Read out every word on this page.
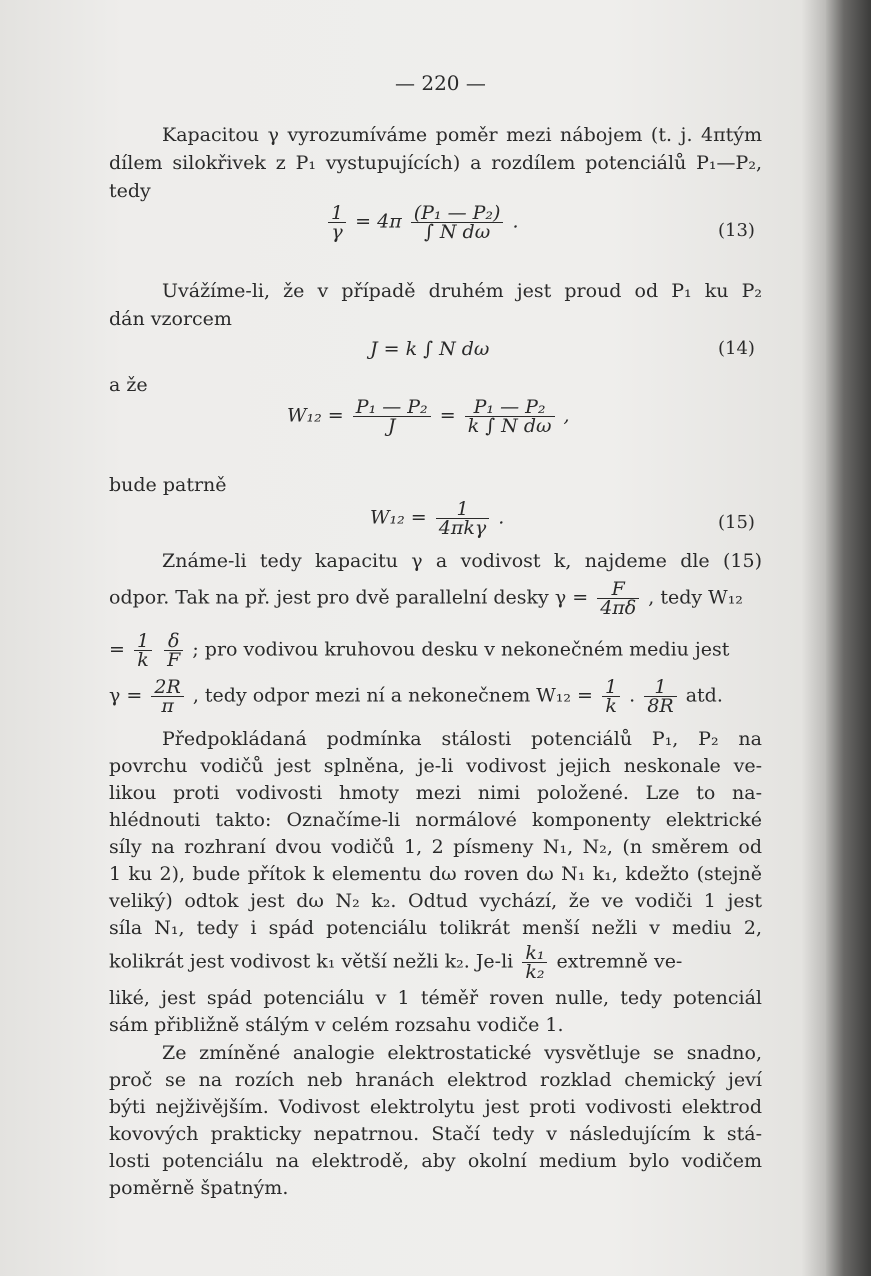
— 220 —
Kapacitou γ vyrozumíváme poměr mezi nábojem (t. j. 4πtým
dílem silokřivek z P₁ vystupujících) a rozdílem potenciálů P₁—P₂,
tedy
$\frac{1}{\gamma} = 4\pi \frac{\text{(P₁ — P₂)}}{\text{∫ N dω}}$ .	(13)
Uvážíme-li, že v případě druhém jest proud od P₁ ku P₂
dán vzorcem
J = k ∫ N dω	(14)
a že
$W_{12} = \frac{\text{P₁ — P₂}}{J} = \frac{\text{P₁ — P₂}}{\text{k ∫ N dω}}$ ,
bude patrně
$W_{12} = \frac{1}{\text{4πkγ}}$ .	(15)
Známe-li tedy kapacitu γ a vodivost k, najdeme dle (15)
odpor. Tak na př. jest pro dvě parallelní desky $\gamma = \frac{F}{4\pi\delta}$ , tedy W₁₂
= $\frac{1}{k}$
$\frac{\delta}{F}$ ; pro vodivou kruhovou desku v nekonečném mediu jest
$\gamma = \frac{2R}{\pi}$ , tedy odpor mezi ní a nekonečnem $W_{12} = \frac{1}{k}$ . $\frac{1}{8R}$ atd.
Předpokládaná podmínka stálosti potenciálů P₁, P₂ na
povrchu vodičů jest splněna, je-li vodivost jejich neskonale ve-
likou proti vodivosti hmoty mezi nimi položené. Lze to na-
hlédnouti takto: Označíme-li normálové komponenty elektrické
síly na rozhraní dvou vodičů 1, 2 písmeny N₁, N₂, (n směrem od
1 ku 2), bude přítok k elementu dω roven dω N₁ k₁, kdežto (stejně
veliký) odtok jest dω N₂ k₂. Odtud vychází, že ve vodiči 1 jest
síla N₁, tedy i spád potenciálu tolikrát menší nežli v mediu 2,
kolikrát jest vodivost k₁ větší nežli k₂. $Je-li \frac{\text{k₁}}{\text{k₂}}$ extremně ve-
liké, jest spád potenciálu v 1 téměř roven nulle, tedy potenciál
sám přibližně stálým v celém rozsahu vodiče 1.
Ze zmíněné analogie elektrostatické vysvětluje se snadno,
proč se na rozích neb hranách elektrod rozklad chemický jeví
býti nejživějším. Vodivost elektrolytu jest proti vodivosti elektrod
kovových prakticky nepatrnou. Stačí tedy v následujícím k stá-
losti potenciálu na elektrodě, aby okolní medium bylo vodičem
poměrně špatným.
